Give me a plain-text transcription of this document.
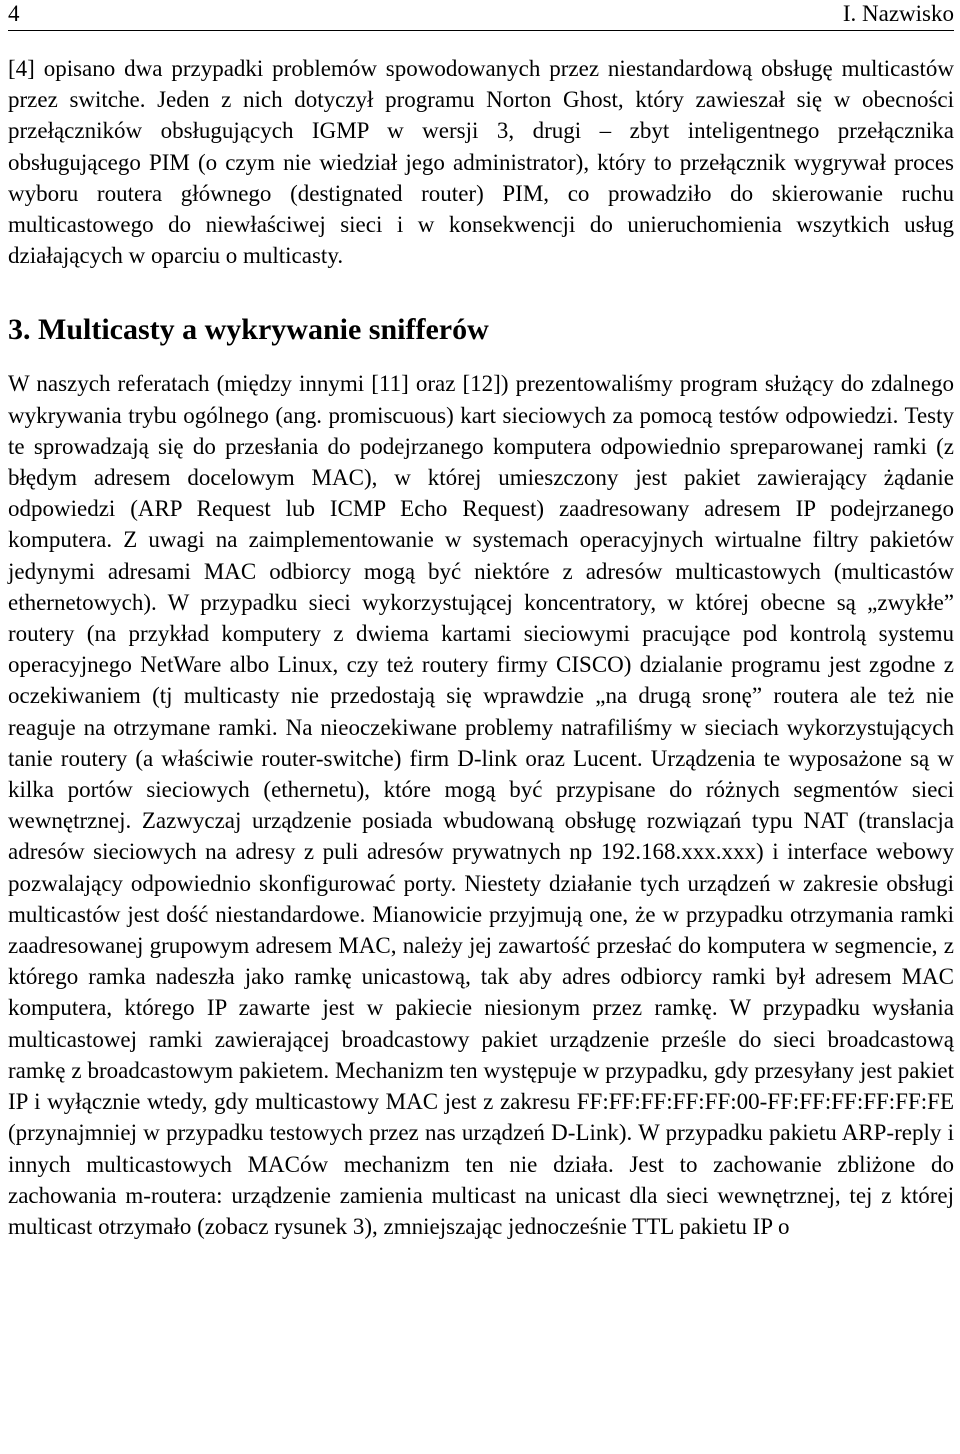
4	I. Nazwisko

[4] opisano dwa przypadki problemów spowodowanych przez niestandardową obsługę multicastów przez switche. Jeden z nich dotyczył programu Norton Ghost, który zawieszał się w obecności przełączników obsługujących IGMP w wersji 3, drugi – zbyt inteligentnego przełącznika obsługującego PIM (o czym nie wiedział jego administrator), który to przełącznik wygrywał proces wyboru routera głównego (destignated router) PIM, co prowadziło do skierowanie ruchu multicastowego do niewłaściwej sieci i w konsekwencji do unieruchomienia wszytkich usług działających w oparciu o multicasty.

3. Multicasty a wykrywanie snifferów

W naszych referatach (między innymi [11] oraz [12]) prezentowaliśmy program służący do zdalnego wykrywania trybu ogólnego (ang. promiscuous) kart sieciowych za pomocą testów odpowiedzi. Testy te sprowadzają się do przesłania do podejrzanego komputera odpowiednio spreparowanej ramki (z błędym adresem docelowym MAC), w której umieszczony jest pakiet zawierający żądanie odpowiedzi (ARP Request lub ICMP Echo Request) zaadresowany adresem IP podejrzanego komputera. Z uwagi na zaimplementowanie w systemach operacyjnych wirtualne filtry pakietów jedynymi adresami MAC odbiorcy mogą być niektóre z adresów multicastowych (multicastów ethernetowych). W przypadku sieci wykorzystującej koncentratory, w której obecne są „zwykłe” routery (na przykład komputery z dwiema kartami sieciowymi pracujące pod kontrolą systemu operacyjnego NetWare albo Linux, czy też routery firmy CISCO) dzialanie programu jest zgodne z oczekiwaniem (tj multicasty nie przedostają się wprawdzie „na drugą sronę” routera ale też nie reaguje na otrzymane ramki. Na nieoczekiwane problemy natrafiliśmy w sieciach wykorzystujących tanie routery (a właściwie router-switche) firm D-link oraz Lucent. Urządzenia te wyposażone są w kilka portów sieciowych (ethernetu), które mogą być przypisane do różnych segmentów sieci wewnętrznej. Zazwyczaj urządzenie posiada wbudowaną obsługę rozwiązań typu NAT (translacja adresów sieciowych na adresy z puli adresów prywatnych np 192.168.xxx.xxx) i interface webowy pozwalający odpowiednio skonfigurować porty. Niestety działanie tych urządzeń w zakresie obsługi multicastów jest dość niestandardowe. Mianowicie przyjmują one, że w przypadku otrzymania ramki zaadresowanej grupowym adresem MAC, należy jej zawartość przesłać do komputera w segmencie, z którego ramka nadeszła jako ramkę unicastową, tak aby adres odbiorcy ramki był adresem MAC komputera, którego IP zawarte jest w pakiecie niesionym przez ramkę. W przypadku wysłania multicastowej ramki zawierającej broadcastowy pakiet urządzenie prześle do sieci broadcastową ramkę z broadcastowym pakietem. Mechanizm ten występuje w przypadku, gdy przesyłany jest pakiet IP i wyłącznie wtedy, gdy multicastowy MAC jest z zakresu FF:FF:FF:FF:FF:00-FF:FF:FF:FF:FF:FE (przynajmniej w przypadku testowych przez nas urządzeń D-Link). W przypadku pakietu ARP-reply i innych multicastowych MACów mechanizm ten nie działa. Jest to zachowanie zbliżone do zachowania m-routera: urządzenie zamienia multicast na unicast dla sieci wewnętrznej, tej z której multicast otrzymało (zobacz rysunek 3), zmniejszając jednocześnie TTL pakietu IP o
